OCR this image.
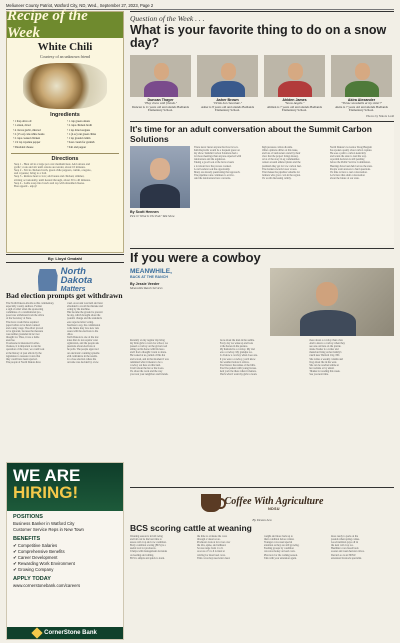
Meliuneer County Patriot, Watford City, ND, Wed., September 27, 2023, Page 2
Recipe of the Week
White Chili
Courtesy of an unknown friend
Ingredients
• 1 tbsp olive oil	• 1 cup green onions
• 1 onion, diced	• 2 cups chicken broth
• 4 cloves garlic, minced	• 1 tsp dried oregano
• 2 (15 oz) cans white beans	• 1 (4 oz) can green chiles
• 2 cups cooked chicken	• 1 tsp ground cumin
• 1/2 tsp cayenne pepper	• Sour cream for garnish
• Shredded cheese	• Salt and pepper
Directions
Step 1 - Heat oil in a large pot over medium heat. Add onions and
garlic; cook and stir until onions are tender, about 10 minutes.
Step 2 - Stir in chicken broth, green chile peppers, cumin, oregano,
and cayenne; bring to a boil.
Step 3 - Reduce heat to low; add beans and chicken; simmer,
stirring occasionally, until heated through, about 30 to 40 minutes.
Step 4 - Ladle soup into bowls and top with shredded cheese.
Bon appetit - enjoy!
By: Lloyd Omdahl
North
Dakota
Matters
Bad election prompts get withdrawn
The North Dakota Abolds as this commentary,
especially county auditors. Former
a sigh of relief when the sponsoring
committee of a constitutional pro-
posal was withdrawn from the office
of the Secretary of State.
The move would have required
paper ballots to be hand counted
and county wage. The effort proved
to be ignorant, because the measure
was neither grounded in fact nor
thought for. Thus, it was a futile
exercise.
If someone is interested in effec-
tiveness, it is important to run the
operation of the voter, we could look
at the history of past efforts by the
legislature to reassure voters that
they could have been rejected.
The people of North Dakota have
fraud. A recount was held and later
scheduled to avoid the mistake and
voting by the machine.
This became the ground to prevent
the sky, which brought about the
system's change and the standards
were rejected after voting.
Needless to say, the commission
in the future may face new rule
issues with the elections to the
office.
North Dakota is one of the few
states that do not require voter
registration, and the people ask
questions about elections at
the polls. The people approved
our electronic counting systems
with confidence in the results.
In a close election where the
outcome was decided by a few.
WE ARE
HIRING!
POSITIONS
Business Banker in Watford City
Customer Service Reps in New Town
BENEFITS
✔ Competitive Salaries
✔ Comprehensive Benefits
✔ Career Development
✔ Rewarding Work Environment
✔ Growing Company
APPLY TODAY
www.cornerstonebank.com/careers
CornerStone Bank
Question of the Week . . .
What is your favorite thing to do on a snow day?
Duncan Thayer
"Play chess with friends."
Duncan is 11 years old and attends Badlands Elementary School.
Asher Brown
"Drink hot chocolate."
Asher is 8 years old and attends Badlands Elementary School.
Ahlden James
"Snow Angels."
Ahlden is 7 years old and attends Badlands Elementary School.
Akira Alexander
"Throw snowballs at my sister!"
Akira is 7 years old and attends Badlands Elementary School.
Photos by Nikole Ladd
It's time for an adult conversation about the Summit Carbon Solutions
By Scott Hennen
Pick it? What Is The Pod? Talk Show
There never luster anyone that Iowa's Gov.
Kim Reynolds would be a frequent guest on
my show. Summit Carbon Solutions had a
lot more meetings than anyone expected with
landowners and the regulators.
Taking a good look at the facts reveals
a lot about how the process worked.
Local leaders took the opportunity.
Many are already questioning that approach.
The pipeline route continues to evolve.
And the landowners have concerns.
high pressure carbon dioxide.
Other opinions differ on this issue,
and lots of landowners stand by their
view that the project brings money.
A lot of the story in ag communities
centers around ethanol plants and the
premium they get for low carbon fuel.
The market rewards lower scores.
That makes the pipeline valuable for
farmers who grow corn in the region.
It's worth discussing calmly.
North Dakota's Governor Doug Burgum
has spoken openly about carbon capture.
He sees a path to carbon neutrality
and wants the state to lead the way.
A permit decision is still pending
before the Public Service Commission.
Hearings have been held across the state.
People want answers to hard questions.
It's time to have a real conversation.
Let's have that adult conversation
about the future of our state.
If you were a cowboy
MEANWHILE,
BACK AT THE RANCH
By Jessie Veeder
Meanwhile Ranch Services
Recently on my regular trip bring
my little girls to town for school, we
passed a cowboy on the gravel road
sitting on his horse with his lasso
and I had a thought I want to share.
He looked at us, pulled off his hat
and waved, and in that moment I was
reminded what it means to be a
cowboy out here on this land.
It isn't about the hat or the boots.
It's about the work and the way
you treat your neighbors and friends.
more about the man in the saddle.
Every day we wake up and look
at the horses in the pasture.
My husband is a cowboy. My dad
was a cowboy. My grandpa too.
So I know a cowboy when I see one.
If you were a cowboy, you'd know
the weather before it arrives.
You'd know the names of the hills.
You'd be patient with young horses.
And you'd be there when it matters.
That's what I want my girls to learn.
more about a cowboy than a hat.
And to know a cowboy when they
see one out here on the prairie.
Jessie Veeder is a writer and
musician living on her family's
ranch near Watford City, ND.
She writes a weekly column and
blog about life in the west.
She can be reached online at
her website or by email.
Thanks for reading this week.
See you next time.
Coffee With Agriculture
NDSU
By Devan Leo
BCS scoring cattle at weaning
Weaning season is in full swing
and fall can be the best time to
assess calf crop and cow condition.
Body condition scoring (BCS) is a
useful tool for producers.
It helps with management decisions
on feeding and culling.
BCS is simple and quick to learn.
the time to evaluate the cows
through a visual score.
Producers look at fat cover over
the ribs, spine, and tailhead.
Scores range from 1 to 9.
A score of 5 to 6 is ideal at
calving for most beef cows.
Thin cows may need extra feed.
weight and more back up to
their condition before winter.
Younger cows need special
attention as they are still growing.
Feeding groups by condition
can save money on feed costs.
Plan now for the coming season.
Talk with your extension agent.
more ready to pack on the
pounds when spring comes.
Good nutrition pays off in
the next calf crop too.
Healthier cows breed back
sooner and wean heavier calves.
Devan Leo is an NDSU
extension livestock specialist.
